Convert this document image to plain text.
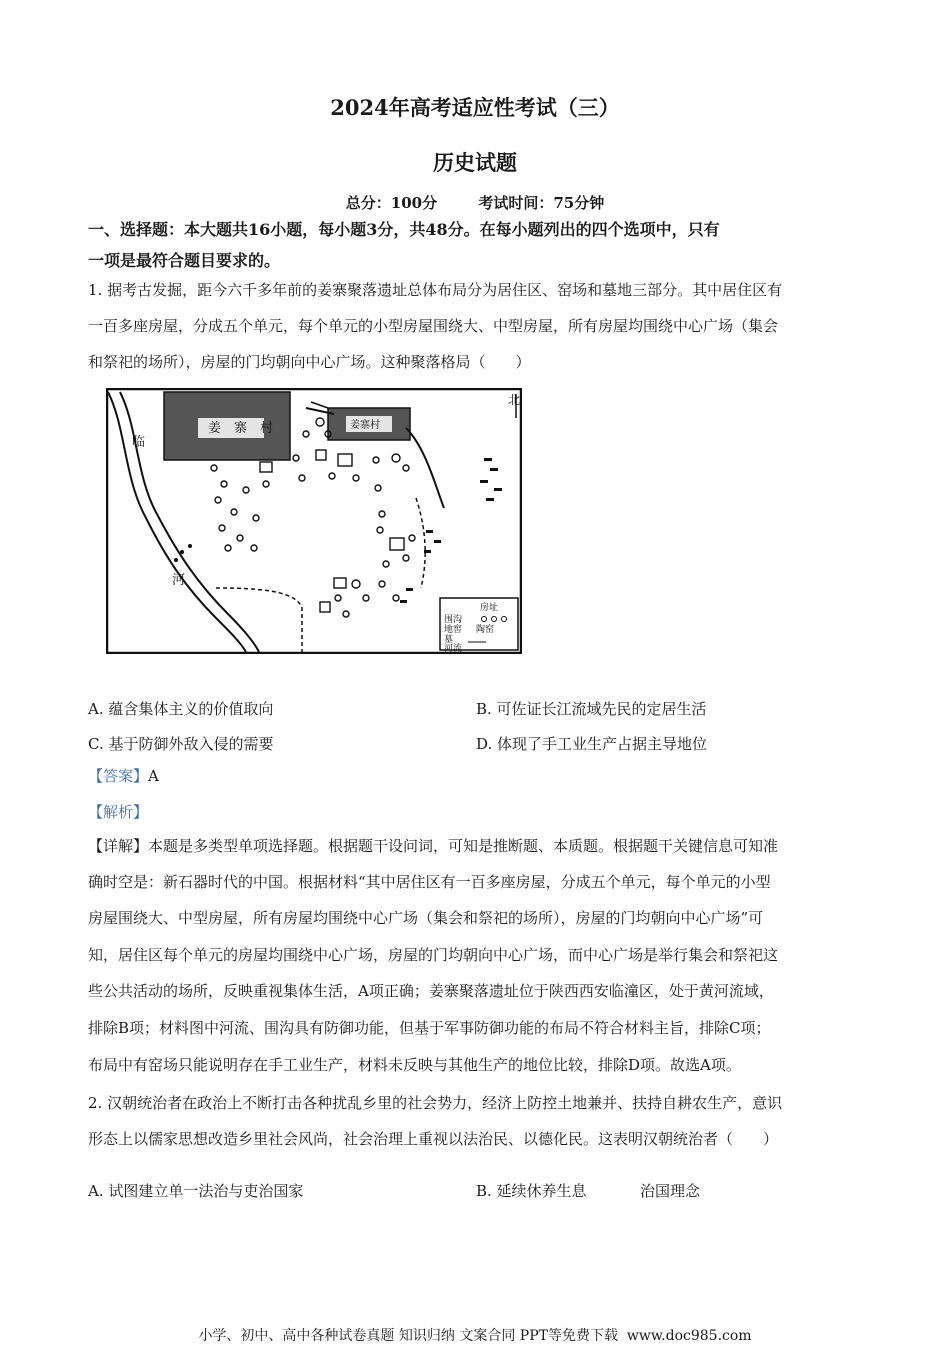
2024年高考适应性考试（三）
历史试题
总分：100分	考试时间：75分钟
一、选择题：本大题共16小题，每小题3分，共48分。在每小题列出的四个选项中，只有
一项是最符合题目要求的。
1. 据考古发掘，距今六千多年前的姜寨聚落遗址总体布局分为居住区、窑场和墓地三部分。其中居住区有
一百多座房屋，分成五个单元，每个单元的小型房屋围绕大、中型房屋，所有房屋均围绕中心广场（集会
和祭祀的场所），房屋的门均朝向中心广场。这种聚落格局（　　）
姜　寨　村	姜寨村
北
临
河
房址
围沟
地窖 陶窑
墓
河流
A. 蕴含集体主义的价值取向	B. 可佐证长江流域先民的定居生活
C. 基于防御外敌入侵的需要	D. 体现了手工业生产占据主导地位
【答案】A
【解析】
【详解】本题是多类型单项选择题。根据题干设问词，可知是推断题、本质题。根据题干关键信息可知准
确时空是：新石器时代的中国。根据材料“其中居住区有一百多座房屋，分成五个单元，每个单元的小型
房屋围绕大、中型房屋，所有房屋均围绕中心广场（集会和祭祀的场所），房屋的门均朝向中心广场”可
知，居住区每个单元的房屋均围绕中心广场，房屋的门均朝向中心广场，而中心广场是举行集会和祭祀这
些公共活动的场所，反映重视集体生活，A项正确；姜寨聚落遗址位于陕西西安临潼区，处于黄河流域，
排除B项；材料图中河流、围沟具有防御功能，但基于军事防御功能的布局不符合材料主旨，排除C项；
布局中有窑场只能说明存在手工业生产，材料未反映与其他生产的地位比较，排除D项。故选A项。
2. 汉朝统治者在政治上不断打击各种扰乱乡里的社会势力，经济上防控土地兼并、扶持自耕农生产，意识
形态上以儒家思想改造乡里社会风尚，社会治理上重视以法治民、以德化民。这表明汉朝统治者（　　）
A. 试图建立单一法治与吏治国家	B. 延续休养生息	治国理念
小学、初中、高中各种试卷真题 知识归纳 文案合同 PPT等免费下载 www.doc985.com
